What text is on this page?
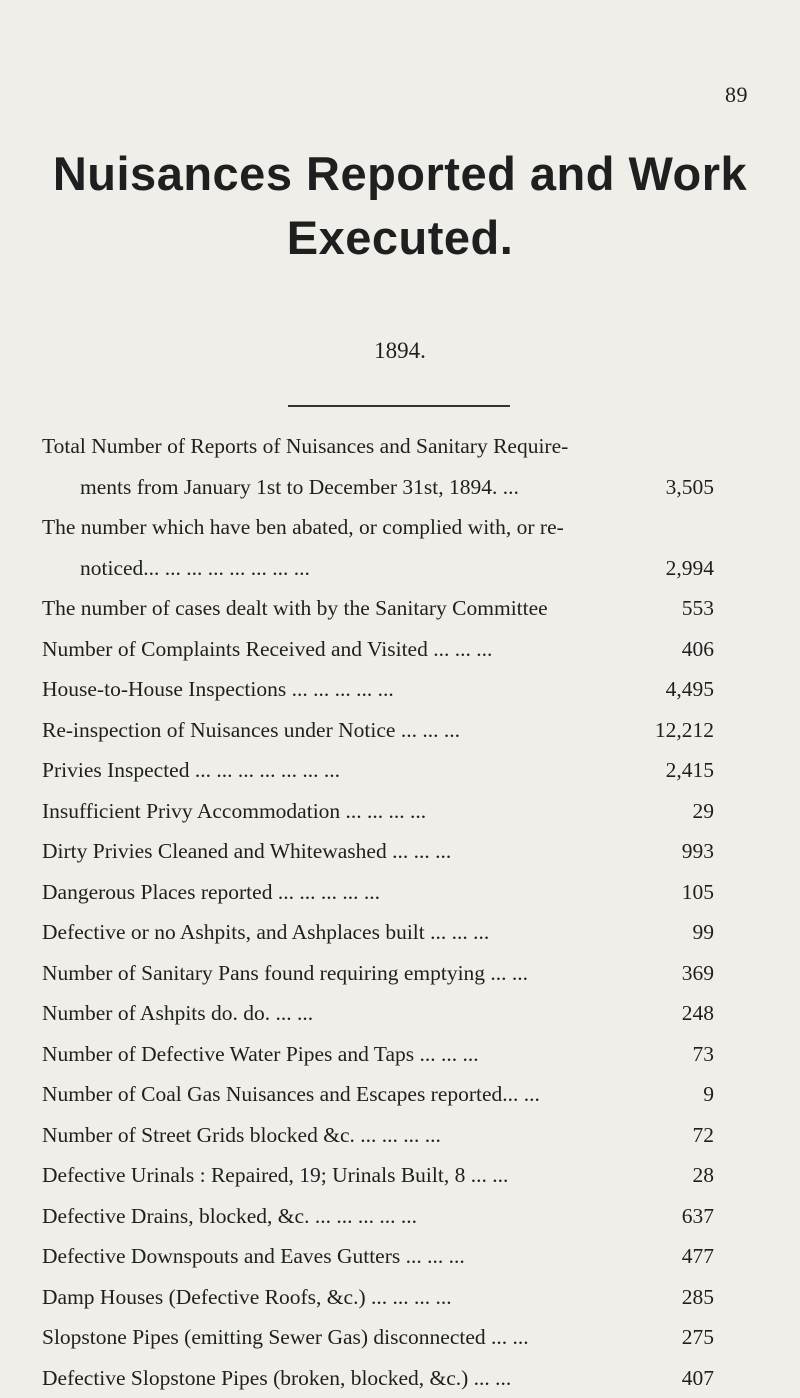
89
Nuisances Reported and Work
Executed.
1894.
Total Number of Reports of Nuisances and Sanitary Require-
ments from January 1st to December 31st, 1894. ...	3,505
The number which have ben abated, or complied with, or re-
noticed... ... ... ... ... ... ... ...	2,994
The number of cases dealt with by the Sanitary Committee	553
Number of Complaints Received and Visited ... ... ...	406
House-to-House Inspections ... ... ... ... ...	4,495
Re-inspection of Nuisances under Notice ... ... ...	12,212
Privies Inspected ... ... ... ... ... ... ...	2,415
Insufficient Privy Accommodation ... ... ... ...	29
Dirty Privies Cleaned and Whitewashed ... ... ...	993
Dangerous Places reported ... ... ... ... ...	105
Defective or no Ashpits, and Ashplaces built ... ... ...	99
Number of Sanitary Pans found requiring emptying ... ...	369
Number of Ashpits do. do. ... ...	248
Number of Defective Water Pipes and Taps ... ... ...	73
Number of Coal Gas Nuisances and Escapes reported... ...	9
Number of Street Grids blocked &c. ... ... ... ...	72
Defective Urinals : Repaired, 19; Urinals Built, 8 ... ...	28
Defective Drains, blocked, &c. ... ... ... ... ...	637
Defective Downspouts and Eaves Gutters ... ... ...	477
Damp Houses (Defective Roofs, &c.) ... ... ... ...	285
Slopstone Pipes (emitting Sewer Gas) disconnected ... ...	275
Defective Slopstone Pipes (broken, blocked, &c.) ... ...	407
